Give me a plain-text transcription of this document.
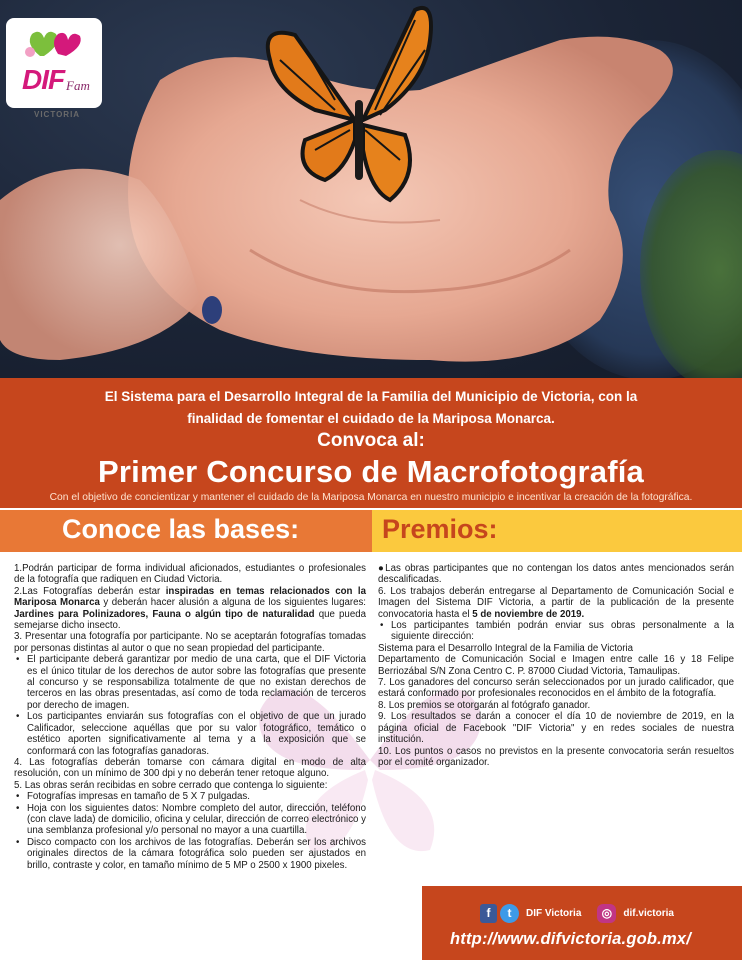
DIF Fam
VICTORIA
El Sistema para el Desarrollo Integral de la Familia del Municipio de Victoria, con la
finalidad de fomentar el cuidado de la Mariposa Monarca.
Convoca al:
Primer Concurso de Macrofotografía
Con el objetivo de concientizar y mantener el cuidado de la Mariposa Monarca en nuestro municipio e incentivar la creación de la fotográfica.
Conoce las bases:	Premios:

1.Podrán participar de forma individual aficionados, estudiantes o profesionales de la fotografía que radiquen en Ciudad Victoria.

2.Las Fotografías deberán estar inspiradas en temas relacionados con la Mariposa Monarca y deberán hacer alusión a alguna de los siguientes lugares: Jardines para Polinizadores, Fauna o algún tipo de naturalidad que pueda semejarse dicho insecto.

3. Presentar una fotografía por participante. No se aceptarán fotografías tomadas por personas distintas al autor o que no sean propiedad del participante.

• El participante deberá garantizar por medio de una carta, que el DIF Victoria es el único titular de los derechos de autor sobre las fotografías que presente al concurso y se responsabiliza totalmente de que no existan derechos de terceros en las obras presentadas, así como de toda reclamación de terceros por derecho de imagen.

• Los participantes enviarán sus fotografías con el objetivo de que un jurado Calificador, seleccione aquéllas que por su valor fotográfico, temático o estético aporten significativamente al tema y a la exposición que se conformará con las fotografías ganadoras.

4. Las fotografías deberán tomarse con cámara digital en modo de alta resolución, con un mínimo de 300 dpi y no deberán tener retoque alguno.

5. Las obras serán recibidas en sobre cerrado que contenga lo siguiente:

• Fotografías impresas en tamaño de 5 X 7 pulgadas.

• Hoja con los siguientes datos: Nombre completo del autor, dirección, teléfono (con clave lada) de domicilio, oficina y celular, dirección de correo electrónico y una semblanza profesional y/o personal no mayor a una cuartilla.

• Disco compacto con los archivos de las fotografías. Deberán ser los archivos originales directos de la cámara fotográfica solo pueden ser ajustados en brillo, contraste y color, en tamaño mínimo de 5 MP o 2500 x 1900 pixeles.

●Las obras participantes que no contengan los datos antes mencionados serán descalificadas.

6. Los trabajos deberán entregarse al Departamento de Comunicación Social e Imagen del Sistema DIF Victoria, a partir de la publicación de la presente convocatoria hasta el 5 de noviembre de 2019.

• Los participantes también podrán enviar sus obras personalmente a la siguiente dirección:

Sistema para el Desarrollo Integral de la Familia de Victoria

Departamento de Comunicación Social e Imagen entre calle 16 y 18 Felipe Berriozábal S/N Zona Centro C. P. 87000 Ciudad Victoria, Tamaulipas.

7. Los ganadores del concurso serán seleccionados por un jurado calificador, que estará conformado por profesionales reconocidos en el ámbito de la fotografía.

8. Los premios se otorgarán al fotógrafo ganador.

9. Los resultados se darán a conocer el día 10 de noviembre de 2019, en la página oficial de Facebook "DIF Victoria" y en redes sociales de nuestra institución.

10. Los puntos o casos no previstos en la presente convocatoria serán resueltos por el comité organizador.

f	t	DIF Victoria	◎	dif.victoria
http://www.difvictoria.gob.mx/
